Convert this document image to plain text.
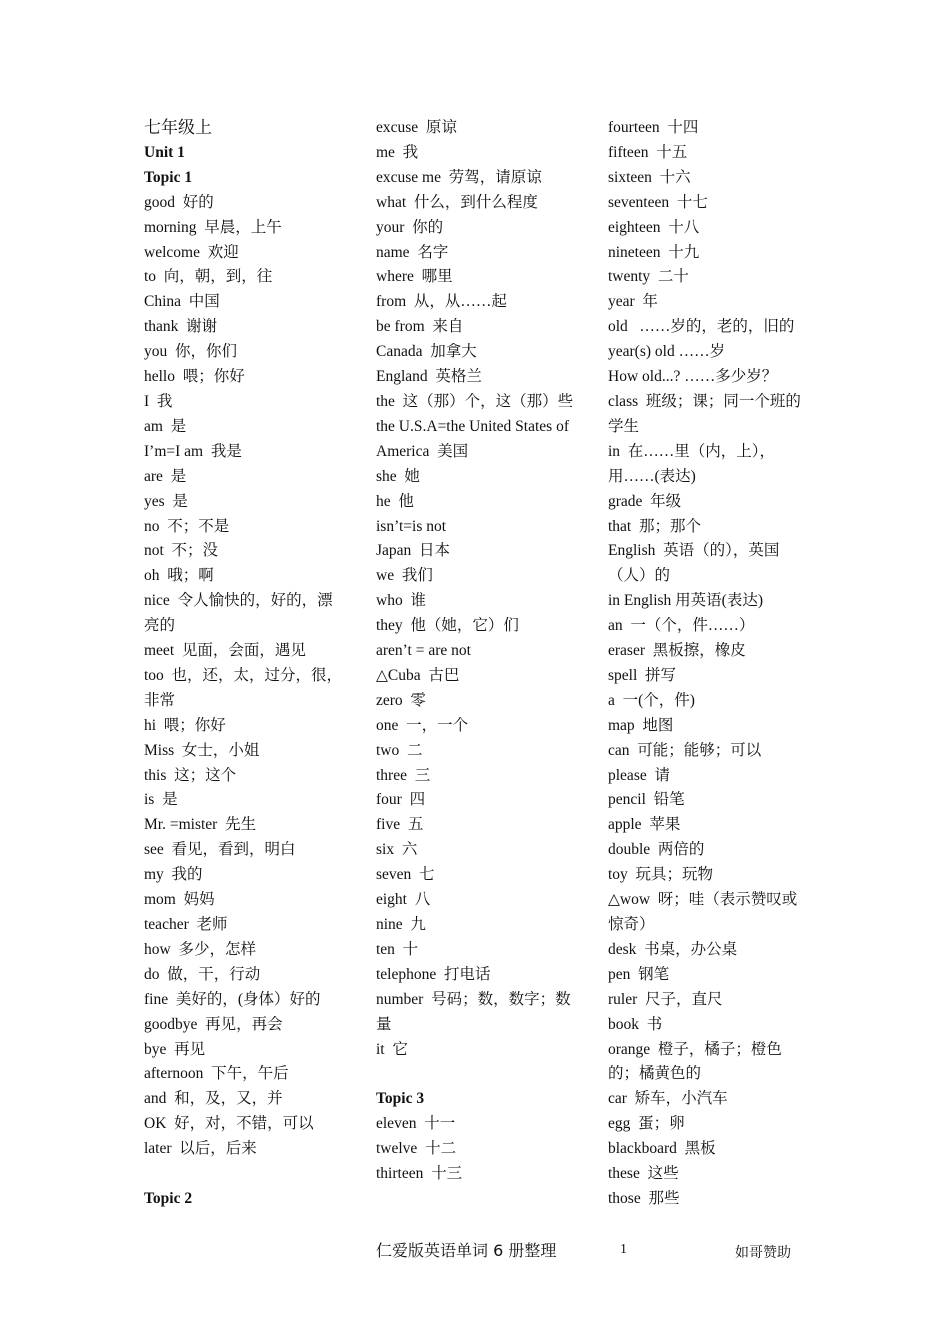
七年级上
Unit 1
Topic 1
good  好的
morning  早晨，上午
welcome  欢迎
to  向，朝，到，往
China  中国
thank  谢谢
you  你，你们
hello  喂；你好
I  我
am  是
I’m=I am  我是
are  是
yes  是
no  不；不是
not  不；没
oh  哦；啊
nice  令人愉快的，好的，漂亮的
meet  见面，会面，遇见
too  也，还，太，过分，很，非常
hi  喂；你好
Miss  女士，小姐
this  这；这个
is  是
Mr. =mister  先生
see  看见，看到，明白
my  我的
mom  妈妈
teacher  老师
how  多少，怎样
do  做，干，行动
fine  美好的，(身体）好的
goodbye  再见，再会
bye  再见
afternoon  下午，午后
and  和，及，又，并
OK  好，对，不错，可以
later  以后，后来
Topic 2
excuse  原谅
me  我
excuse me  劳驾，请原谅
what  什么，到什么程度
your  你的
name  名字
where  哪里
from  从，从……起
be from  来自
Canada  加拿大
England  英格兰
the  这（那）个，这（那）些
the U.S.A=the United States of America  美国
she  她
he  他
isn’t=is not
Japan  日本
we  我们
who  谁
they  他（她，它）们
aren’t = are not
△Cuba  古巴
zero  零
one  一，一个
two  二
three  三
four  四
five  五
six  六
seven  七
eight  八
nine  九
ten  十
telephone  打电话
number  号码；数，数字；数量
it  它
Topic 3
eleven  十一
twelve  十二
thirteen  十三
fourteen  十四
fifteen  十五
sixteen  十六
seventeen  十七
eighteen  十八
nineteen  十九
twenty  二十
year  年
old   ……岁的，老的，旧的
year(s) old ……岁
How old...? ……多少岁？
class  班级；课；同一个班的学生
in  在……里（内，上），用……(表达)
grade  年级
that  那；那个
English  英语（的），英国（人）的
in English 用英语(表达)
an  一（个，件……）
eraser  黑板擦，橡皮
spell  拼写
a  一(个，件)
map  地图
can  可能；能够；可以
please  请
pencil  铅笔
apple  苹果
double  两倍的
toy  玩具；玩物
△wow  呀；哇（表示赞叹或惊奇）
desk  书桌，办公桌
pen  钢笔
ruler  尺子，直尺
book  书
orange  橙子，橘子；橙色的；橘黄色的
car  矫车，小汽车
egg  蛋；卵
blackboard  黑板
these  这些
those  那些
仁爱版英语单词 6 册整理	1	如哥赞助
